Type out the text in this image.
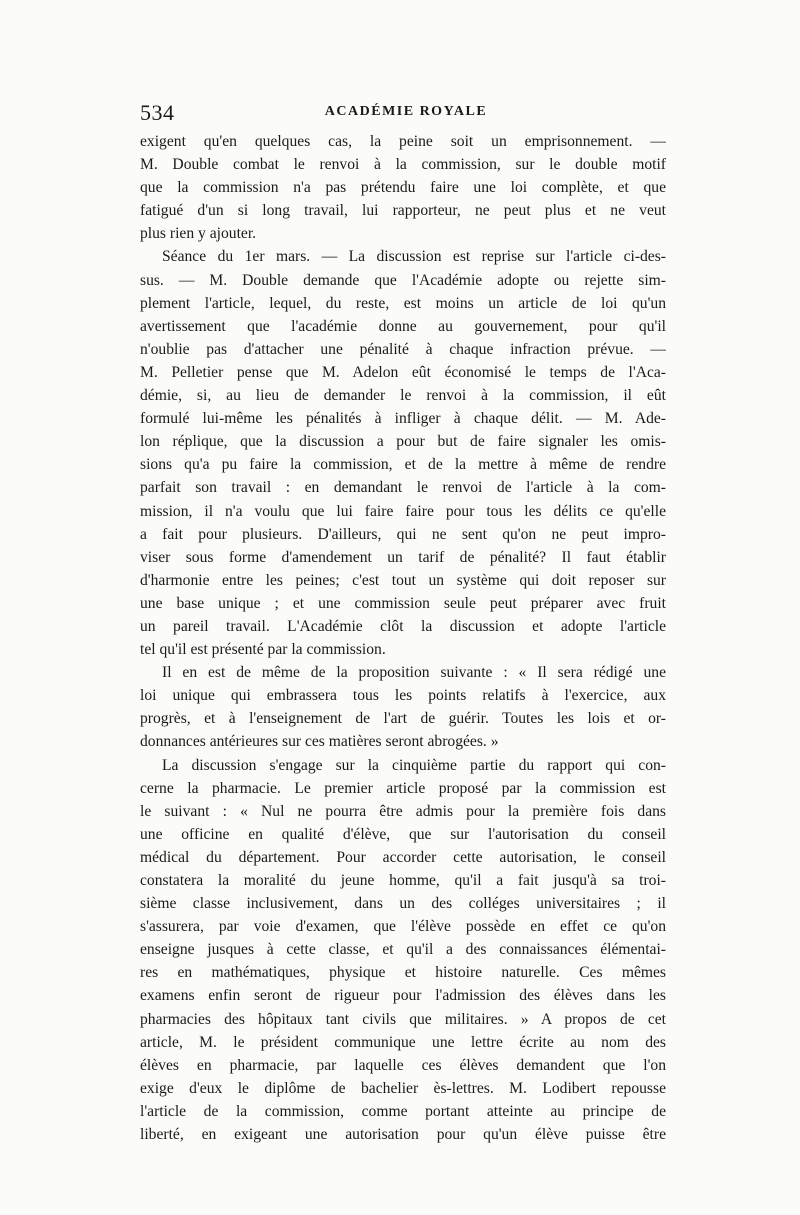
534	ACADÉMIE ROYALE
exigent qu'en quelques cas, la peine soit un emprisonnement. —
M. Double combat le renvoi à la commission, sur le double motif
que la commission n'a pas prétendu faire une loi complète, et que
fatigué d'un si long travail, lui rapporteur, ne peut plus et ne veut
plus rien y ajouter.
Séance du 1er mars. — La discussion est reprise sur l'article ci-des-
sus. — M. Double demande que l'Académie adopte ou rejette sim-
plement l'article, lequel, du reste, est moins un article de loi qu'un
avertissement que l'académie donne au gouvernement, pour qu'il
n'oublie pas d'attacher une pénalité à chaque infraction prévue. —
M. Pelletier pense que M. Adelon eût économisé le temps de l'Aca-
démie, si, au lieu de demander le renvoi à la commission, il eût
formulé lui-même les pénalités à infliger à chaque délit. — M. Ade-
lon réplique, que la discussion a pour but de faire signaler les omis-
sions qu'a pu faire la commission, et de la mettre à même de rendre
parfait son travail : en demandant le renvoi de l'article à la com-
mission, il n'a voulu que lui faire faire pour tous les délits ce qu'elle
a fait pour plusieurs. D'ailleurs, qui ne sent qu'on ne peut impro-
viser sous forme d'amendement un tarif de pénalité? Il faut établir
d'harmonie entre les peines; c'est tout un système qui doit reposer sur
une base unique ; et une commission seule peut préparer avec fruit
un pareil travail. L'Académie clôt la discussion et adopte l'article
tel qu'il est présenté par la commission.
Il en est de même de la proposition suivante : « Il sera rédigé une
loi unique qui embrassera tous les points relatifs à l'exercice, aux
progrès, et à l'enseignement de l'art de guérir. Toutes les lois et or-
donnances antérieures sur ces matières seront abrogées. »
La discussion s'engage sur la cinquième partie du rapport qui con-
cerne la pharmacie. Le premier article proposé par la commission est
le suivant : « Nul ne pourra être admis pour la première fois dans
une officine en qualité d'élève, que sur l'autorisation du conseil
médical du département. Pour accorder cette autorisation, le conseil
constatera la moralité du jeune homme, qu'il a fait jusqu'à sa troi-
sième classe inclusivement, dans un des colléges universitaires ; il
s'assurera, par voie d'examen, que l'élève possède en effet ce qu'on
enseigne jusques à cette classe, et qu'il a des connaissances élémentai-
res en mathématiques, physique et histoire naturelle. Ces mêmes
examens enfin seront de rigueur pour l'admission des élèves dans les
pharmacies des hôpitaux tant civils que militaires. » A propos de cet
article, M. le président communique une lettre écrite au nom des
élèves en pharmacie, par laquelle ces élèves demandent que l'on
exige d'eux le diplôme de bachelier ès-lettres. M. Lodibert repousse
l'article de la commission, comme portant atteinte au principe de
liberté, en exigeant une autorisation pour qu'un élève puisse être
